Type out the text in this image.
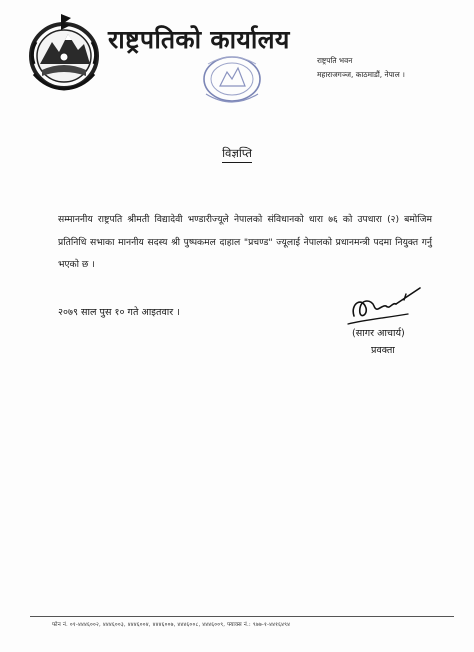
राष्ट्रपतिको कार्यालय
राष्ट्रपति भवन
महाराजगञ्ज, काठमाडौं, नेपाल ।
विज्ञप्ति

सम्माननीय राष्ट्रपति श्रीमती विद्यादेवी भण्डारीज्यूले नेपालको संविधानको धारा ७६ को उपधारा (२) बमोजिम प्रतिनिधि सभाका माननीय सदस्य श्री पुष्पकमल दाहाल "प्रचण्ड" ज्यूलाई नेपालको प्रधानमन्त्री पदमा नियुक्त गर्नु भएको छ ।

२०७९ साल पुस १० गते आइतवार ।
(सागर आचार्य)
प्रवक्ता
फोन नं. ०१-४४४६००२, ४४४६००३, ४४४६००४, ४४४६००७, ४४४६००८, ४४४६००९, फ्याक्स नं.: ९७७-१-४४१६४९४
